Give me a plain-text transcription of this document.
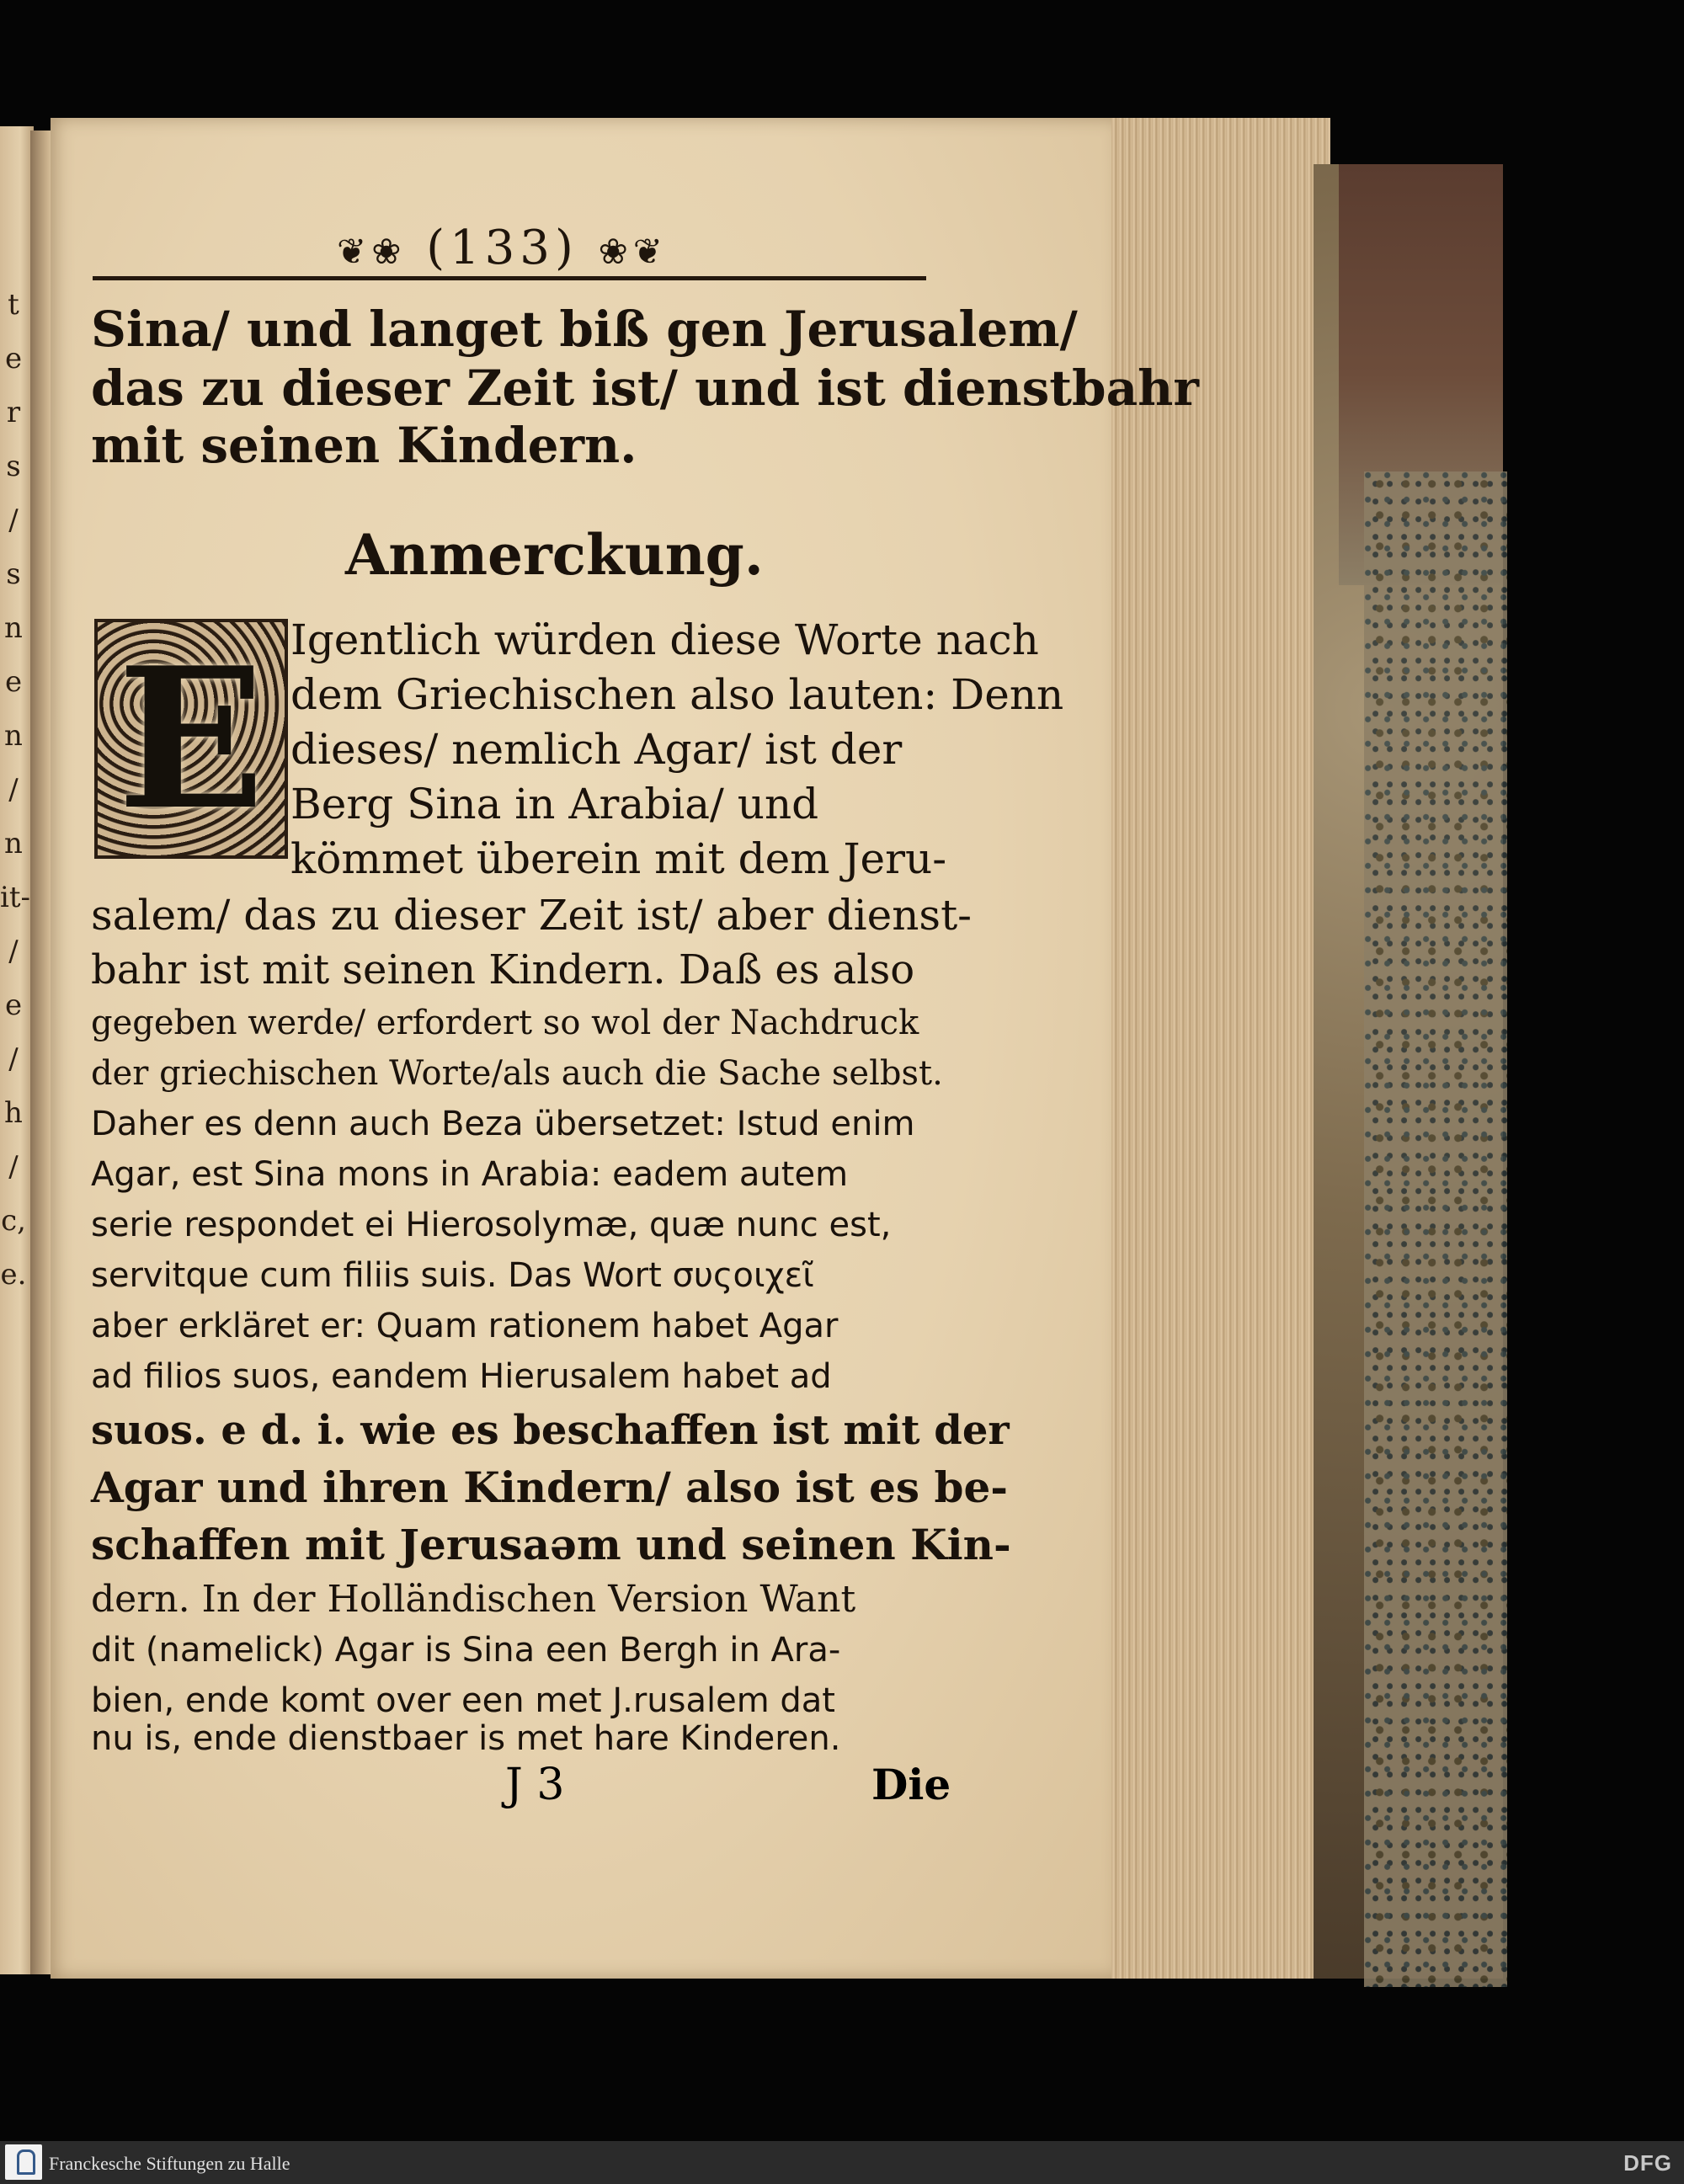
t
e
r
s
/
s
n
e
n
/
n
it-
/
e
/
h
/
c,
e.
❦❀ (133) ❀❦
Sina/ und langet biß gen Jerusalem/
das zu dieser Zeit ist/ und ist dienstbahr
mit seinen Kindern.
Anmerckung.
E Igentlich würden diese Worte nach
dem Griechischen also lauten: Denn
dieses/ nemlich Agar/ ist der
Berg Sina in Arabia/ und
kömmet überein mit dem Jeru-
salem/ das zu dieser Zeit ist/ aber dienst-
bahr ist mit seinen Kindern. Daß es also
gegeben werde/ erfordert so wol der Nachdruck
der griechischen Worte/als auch die Sache selbst.
Daher es denn auch Beza übersetzet: Istud enim
Agar, est Sina mons in Arabia: eadem autem
serie respondet ei Hierosolymæ, quæ nunc est,
servitque cum filiis suis. Das Wort συςοιχεῖ
aber erkläret er: Quam rationem habet Agar
ad filios suos, eandem Hierusalem habet ad
suos. e d. i. wie es beschaffen ist mit der
Agar und ihren Kindern/ also ist es be-
schaffen mit Jerusaəm und seinen Kin-
dern. In der Holländischen Version Want
dit (namelick) Agar is Sina een Bergh in Ara-
bien, ende komt over een met J.rusalem dat
nu is, ende dienstbaer is met hare Kinderen.
J 3	Die
Franckesche Stiftungen zu Halle	DFG
